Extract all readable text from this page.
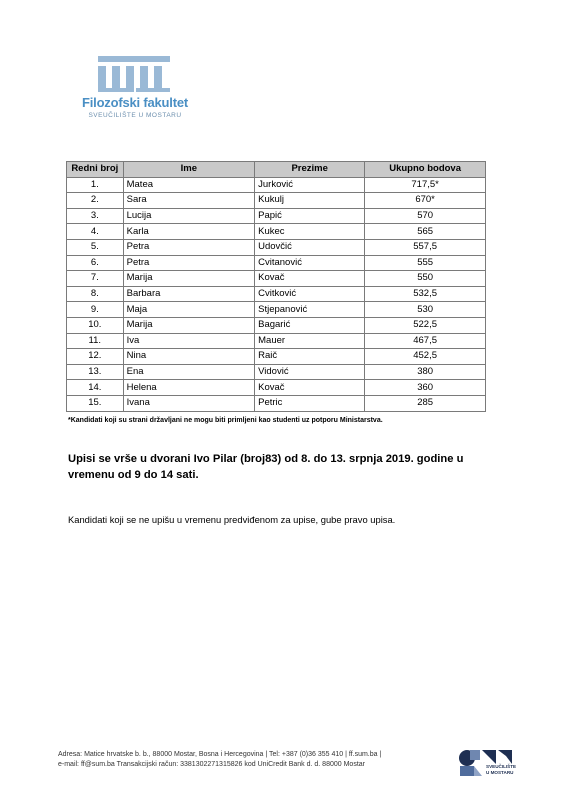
Filozofski fakultet
SVEUČILIŠTE U MOSTARU
Redni broj	Ime	Prezime	Ukupno bodova
1.	Matea	Jurković	717,5*
2.	Sara	Kukulj	670*
3.	Lucija	Papić	570
4.	Karla	Kukec	565
5.	Petra	Udovčić	557,5
6.	Petra	Cvitanović	555
7.	Marija	Kovač	550
8.	Barbara	Cvitković	532,5
9.	Maja	Stjepanović	530
10.	Marija	Bagarić	522,5
11.	Iva	Mauer	467,5
12.	Nina	Raič	452,5
13.	Ena	Vidović	380
14.	Helena	Kovač	360
15.	Ivana	Petric	285
*Kandidati koji su strani državljani ne mogu biti primljeni kao studenti uz potporu Ministarstva.
Upisi se vrše u dvorani Ivo Pilar (broj83) od 8. do 13. srpnja 2019. godine u vremenu od 9 do 14 sati.
Kandidati koji se ne upišu u vremenu predviđenom za upise, gube pravo upisa.
Adresa: Matice hrvatske b. b., 88000 Mostar, Bosna i Hercegovina | Tel: +387 (0)36 355 410 | ff.sum.ba |
e-mail: ff@sum.ba Transakcijski račun: 3381302271315826 kod UniCredit Bank d. d. 88000 Mostar	SVEUČILIŠTE
U MOSTARU
